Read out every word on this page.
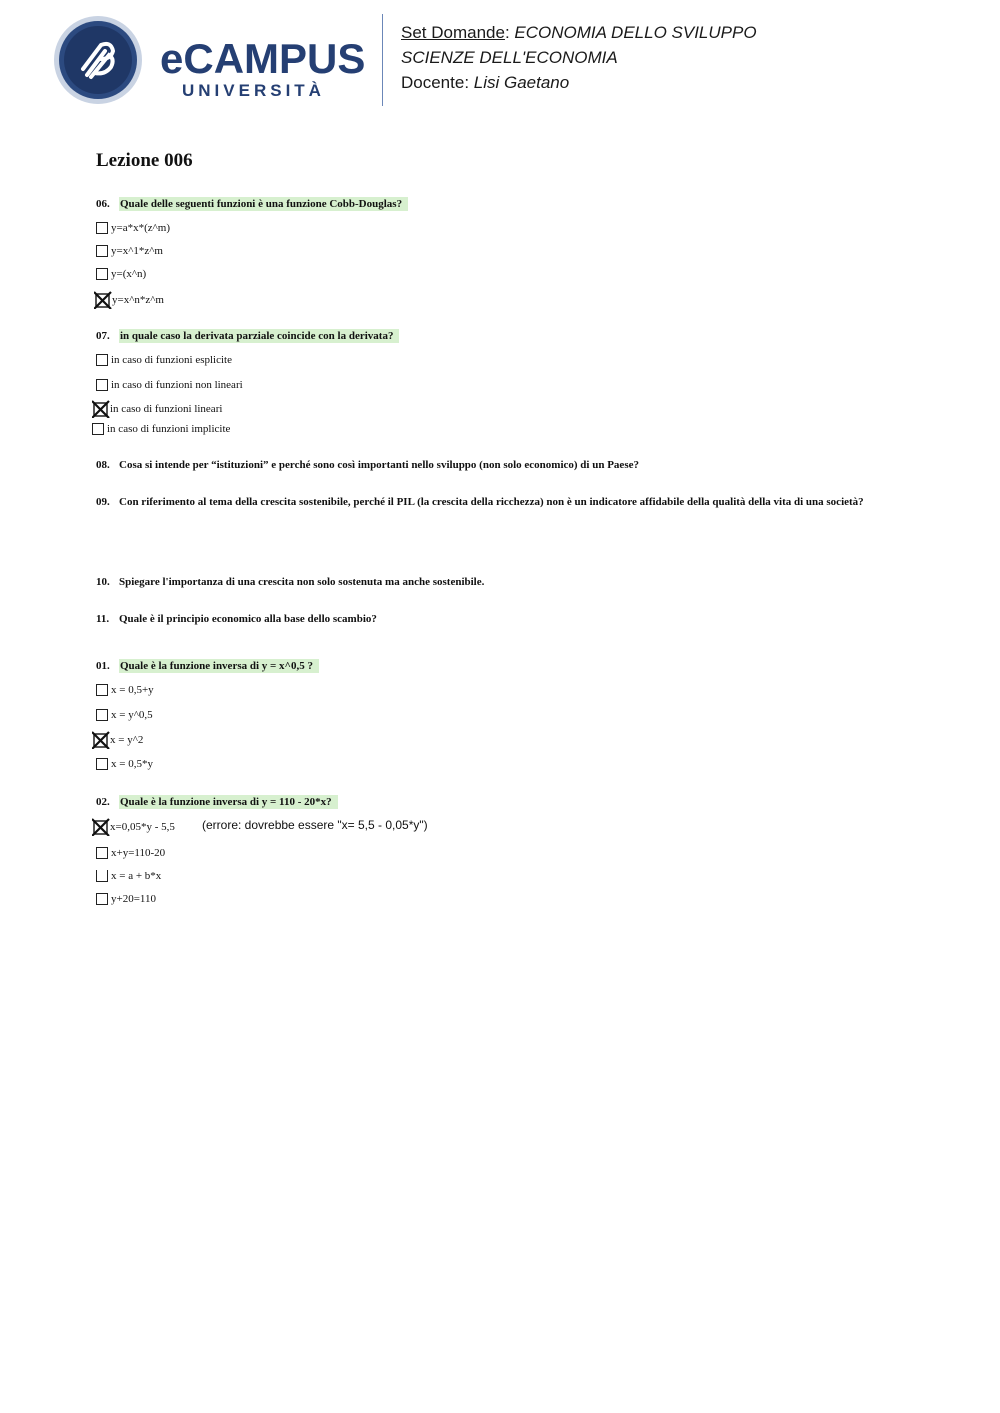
eCAMPUS
UNIVERSITÀ
Set Domande: ECONOMIA DELLO SVILUPPO
SCIENZE DELL'ECONOMIA
Docente: Lisi Gaetano
Lezione 006
06. Quale delle seguenti funzioni è una funzione Cobb-Douglas?
y=a*x*(z^m)
y=x^1*z^m
y=(x^n)
y=x^n*z^m
07. in quale caso la derivata parziale coincide con la derivata?
in caso di funzioni esplicite
in caso di funzioni non lineari
in caso di funzioni lineari
in caso di funzioni implicite
08. Cosa si intende per “istituzioni” e perché sono così importanti nello sviluppo (non solo economico) di un Paese?
09. Con riferimento al tema della crescita sostenibile, perché il PIL (la crescita della ricchezza) non è un indicatore affidabile della qualità della vita di una società?
10. Spiegare l'importanza di una crescita non solo sostenuta ma anche sostenibile.
11. Quale è il principio economico alla base dello scambio?
01. Quale è la funzione inversa di y = x^0,5 ?
x = 0,5+y
x = y^0,5
x = y^2
x = 0,5*y
02. Quale è la funzione inversa di y = 110 - 20*x?
x=0,05*y - 5,5 (errore: dovrebbe essere "x= 5,5 - 0,05*y")
x+y=110-20
x = a + b*x
y+20=110
